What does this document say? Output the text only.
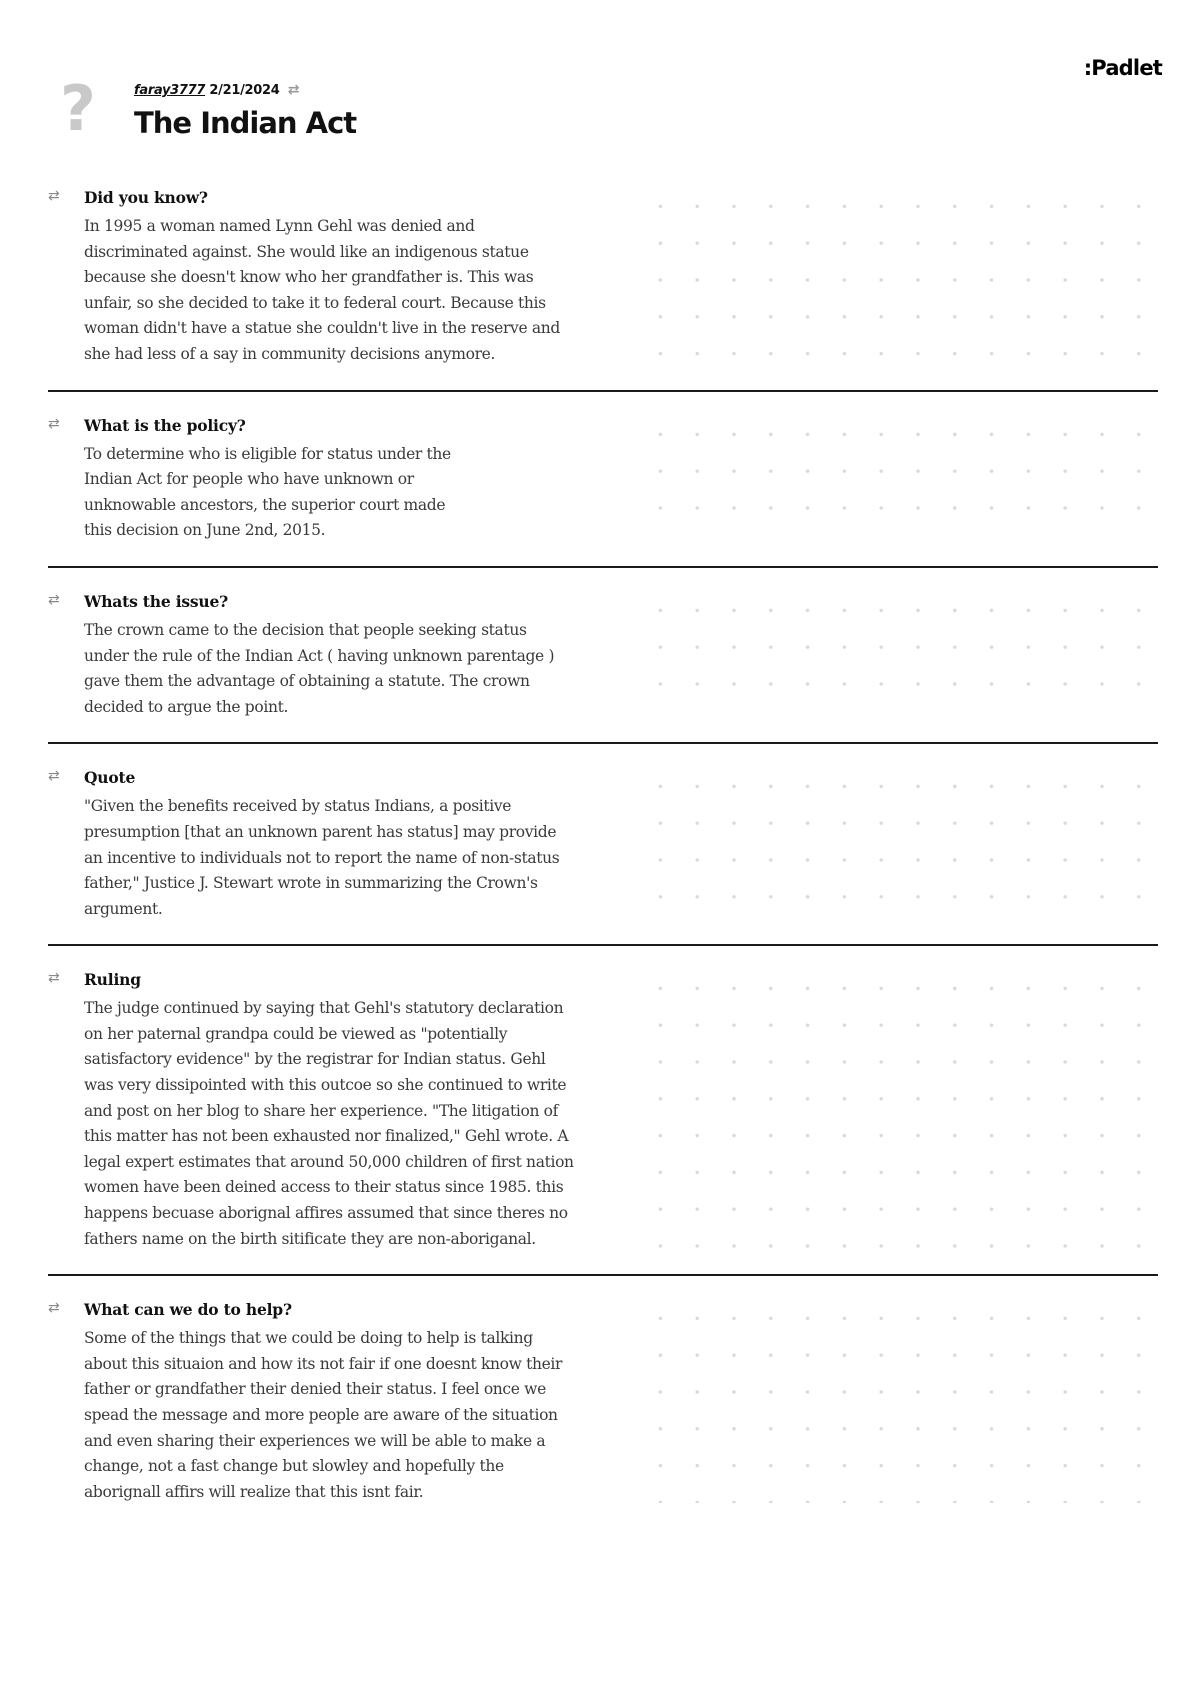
:Padlet
?	faray3777 2/21/2024 ⇄
The Indian Act
⇄ Did you know?
In 1995 a woman named Lynn Gehl was denied and discriminated against. She would like an indigenous statue because she doesn't know who her grandfather is. This was unfair, so she decided to take it to federal court. Because this woman didn't have a statue she couldn't live in the reserve and she had less of a say in community decisions anymore.
⇄ What is the policy?
To determine who is eligible for status under the Indian Act for people who have unknown or unknowable ancestors, the superior court made this decision on June 2nd, 2015.
⇄ Whats the issue?
The crown came to the decision that people seeking status under the rule of the Indian Act ( having unknown parentage ) gave them the advantage of obtaining a statute. The crown decided to argue the point.
⇄ Quote
"Given the benefits received by status Indians, a positive presumption [that an unknown parent has status] may provide an incentive to individuals not to report the name of non-status father," Justice J. Stewart wrote in summarizing the Crown's argument.
⇄ Ruling
The judge continued by saying that Gehl's statutory declaration on her paternal grandpa could be viewed as "potentially satisfactory evidence" by the registrar for Indian status. Gehl was very dissipointed with this outcoe so she continued to write and post on her blog to share her experience. "The litigation of this matter has not been exhausted nor finalized," Gehl wrote. A legal expert estimates that around 50,000 children of first nation women have been deined access to their status since 1985. this happens becuase aborignal affires assumed that since theres no fathers name on the birth sitificate they are non-aboriganal.
⇄ What can we do to help?
Some of the things that we could be doing to help is talking about this situaion and how its not fair if one doesnt know their father or grandfather their denied their status. I feel once we spead the message and more people are aware of the situation and even sharing their experiences we will be able to make a change, not a fast change but slowley and hopefully the aborignall affirs will realize that this isnt fair.
